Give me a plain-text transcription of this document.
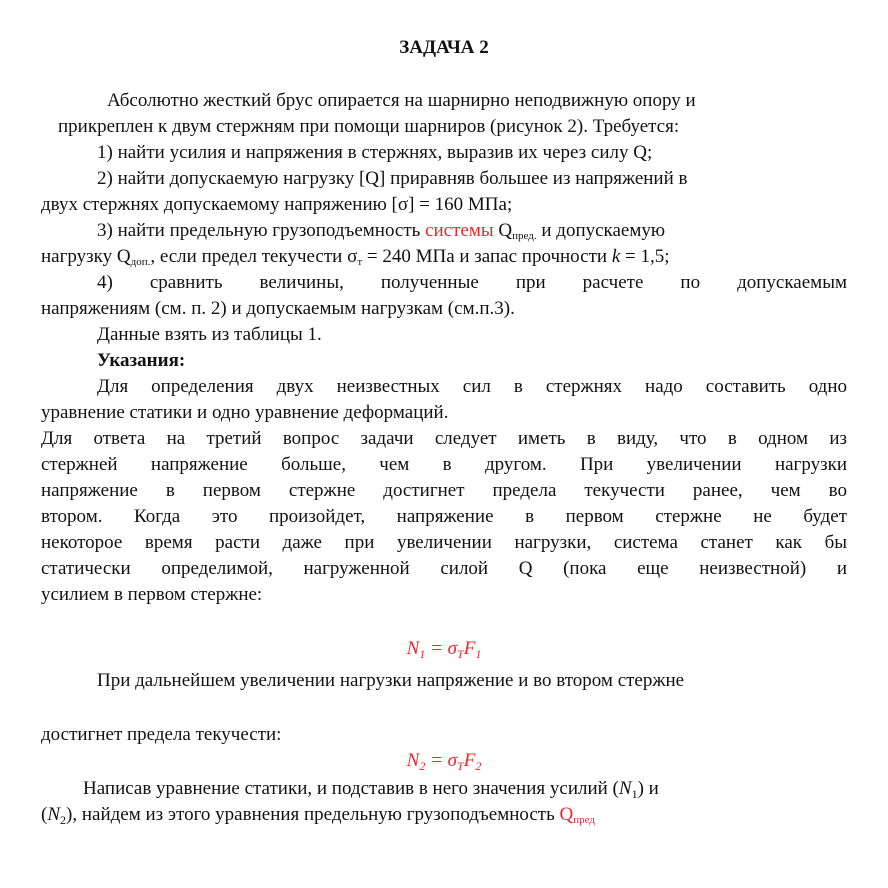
ЗАДАЧА 2
Абсолютно жесткий брус опирается на шарнирно неподвижную опору и
прикреплен к двум стержням при помощи шарниров (рисунок 2). Требуется:
1) найти усилия и напряжения в стержнях, выразив их через силу Q;
2) найти допускаемую нагрузку [Q] приравняв большее из напряжений в
двух стержнях допускаемому напряжению [σ] = 160 МПа;
3) найти предельную грузоподъемность системы $Q_{пред.}$ и допускаемую
нагрузку $Q_{доп.}$, если предел текучести $\sigma_т = 240$ МПа и запас прочности k = 1,5;
4) сравнить величины, полученные при расчете по допускаемым
напряжениям (см. п. 2) и допускаемым нагрузкам (см.п.3).
Данные взять из таблицы 1.
Указания:
Для определения двух неизвестных сил в стержнях надо составить одно
уравнение статики и одно уравнение деформаций.
Для ответа на третий вопрос задачи следует иметь в виду, что в одном из
стержней напряжение больше, чем в другом. При увеличении нагрузки
напряжение в первом стержне достигнет предела текучести ранее, чем во
втором. Когда это произойдет, напряжение в первом стержне не будет
некоторое время расти даже при увеличении нагрузки, система станет как бы
статически определимой, нагруженной силой Q (пока еще неизвестной) и
усилием в первом стержне:
$N_1 = \sigma_TF_1$
При дальнейшем увеличении нагрузки напряжение и во втором стержне
достигнет предела текучести:
$N_2 = \sigma_TF_2$
Написав уравнение статики, и подставив в него значения усилий $(N_1)$ и
$(N_2)$, найдем из этого уравнения предельную грузоподъемность $Q_{пред}$
